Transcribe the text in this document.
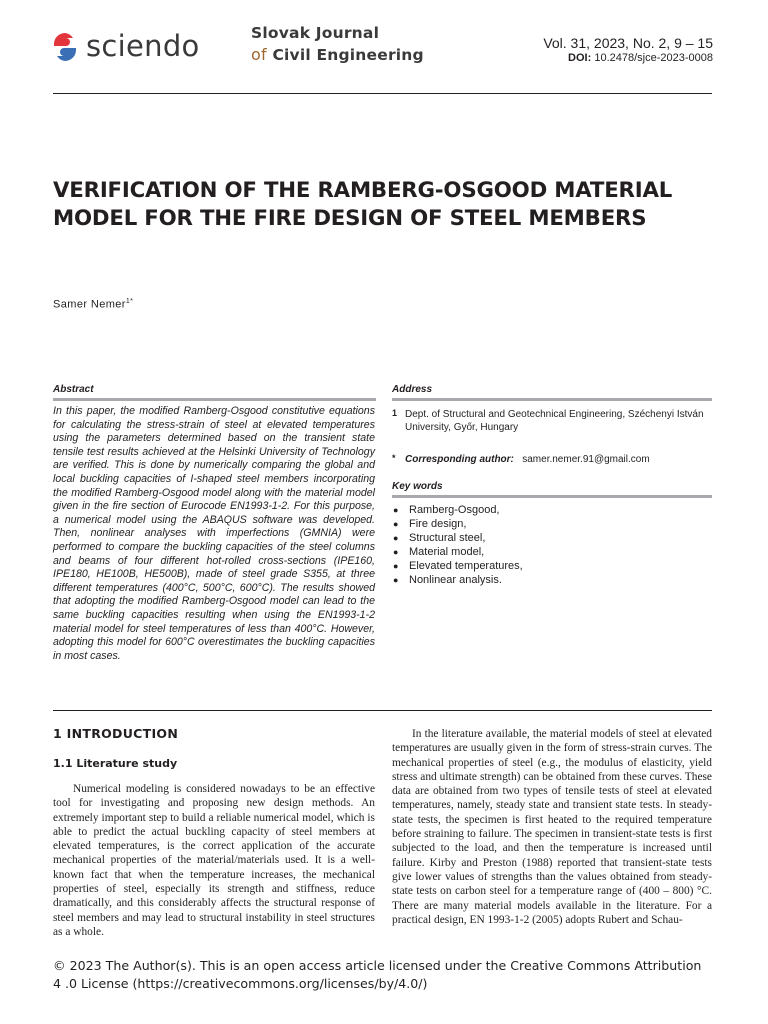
sciendo	Slovak Journal
of Civil Engineering
Vol. 31, 2023, No. 2, 9 – 15
DOI: 10.2478/sjce-2023-0008
VERIFICATION OF THE RAMBERG-OSGOOD MATERIAL
MODEL FOR THE FIRE DESIGN OF STEEL MEMBERS
Samer Nemer$^{1*}$
Abstract
In this paper, the modified Ramberg-Osgood constitutive equations for calculating the stress-strain of steel at elevated temperatures using the parameters determined based on the transient state tensile test results achieved at the Helsinki University of Technology are verified. This is done by numerically comparing the global and local buckling capacities of I-shaped steel members incorporating the modified Ramberg-Osgood model along with the material model given in the fire section of Eurocode EN1993-1-2. For this purpose, a numerical model using the ABAQUS software was developed. Then, nonlinear analyses with imperfections (GMNIA) were performed to compare the buckling capacities of the steel columns and beams of four different hot-rolled cross-sections (IPE160, IPE180, HE100B, HE500B), made of steel grade S355, at three different temperatures (400°C, 500°C, 600°C). The results showed that adopting the modified Ramberg-Osgood model can lead to the same buckling capacities resulting when using the EN1993-1-2 material model for steel temperatures of less than 400°C. However, adopting this model for 600°C overestimates the buckling capacities in most cases.
Address
1 Dept. of Structural and Geotechnical Engineering, Széchenyi István University, Győr, Hungary
* Corresponding author: samer.nemer.91@gmail.com
Key words
● Ramberg-Osgood,
● Fire design,
● Structural steel,
● Material model,
● Elevated temperatures,
● Nonlinear analysis.
1 INTRODUCTION
1.1 Literature study

Numerical modeling is considered nowadays to be an effective tool for investigating and proposing new design methods. An extremely important step to build a reliable numerical model, which is able to predict the actual buckling capacity of steel members at elevated temperatures, is the correct application of the accurate mechanical properties of the material/materials used. It is a well-known fact that when the temperature increases, the mechanical properties of steel, especially its strength and stiffness, reduce dramatically, and this considerably affects the structural response of steel members and may lead to structural instability in steel structures as a whole.

In the literature available, the material models of steel at elevated temperatures are usually given in the form of stress-strain curves. The mechanical properties of steel (e.g., the modulus of elasticity, yield stress and ultimate strength) can be obtained from these curves. These data are obtained from two types of tensile tests of steel at elevated temperatures, namely, steady state and transient state tests. In steady-state tests, the specimen is first heated to the required temperature before straining to failure. The specimen in transient-state tests is first subjected to the load, and then the temperature is increased until failure. Kirby and Preston (1988) reported that transient-state tests give lower values of strengths than the values obtained from steady-state tests on carbon steel for a temperature range of (400 – 800) °C. There are many material models available in the literature. For a practical design, EN 1993-1-2 (2005) adopts Rubert and Schau-

© 2023 The Author(s). This is an open access article licensed under the Creative Commons Attribution
4 .0 License (https://creativecommons.org/licenses/by/4.0/)
